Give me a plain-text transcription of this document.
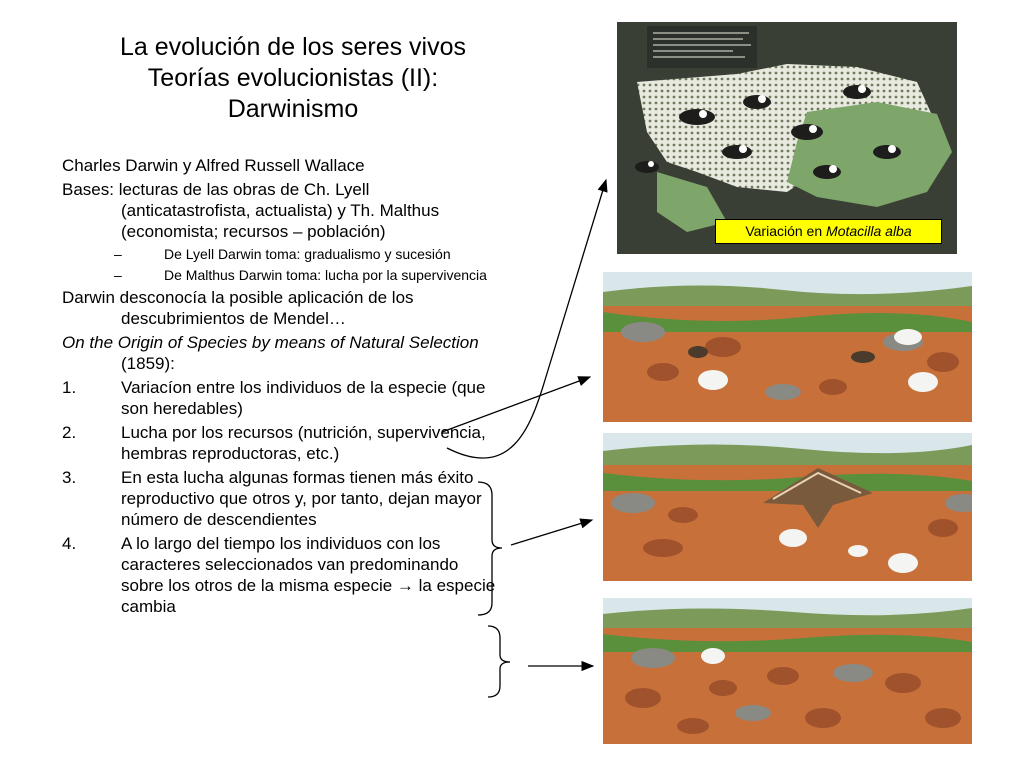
La evolución de los seres vivos
Teorías evolucionistas (II):
Darwinismo
Charles Darwin y Alfred Russell Wallace
Bases: lecturas de las obras de Ch. Lyell (anticatastrofista, actualista) y Th. Malthus (economista; recursos – población)
–	De Lyell Darwin toma: gradualismo y sucesión
–	De Malthus Darwin toma: lucha por la supervivencia
Darwin desconocía la posible aplicación de los descubrimientos de Mendel…
On the Origin of Species by means of Natural Selection (1859):
1.	Variacíon entre los individuos de la especie (que son heredables)
2.	Lucha por los recursos (nutrición, supervivencia, hembras reproductoras, etc.)
3.	En esta lucha algunas formas tienen más éxito reproductivo que otros y, por tanto, dejan mayor número de descendientes
4.	A lo largo del tiempo los individuos con los caracteres seleccionados van predominando sobre los otros de la misma especie → la especie cambia
Variación en Motacilla alba
